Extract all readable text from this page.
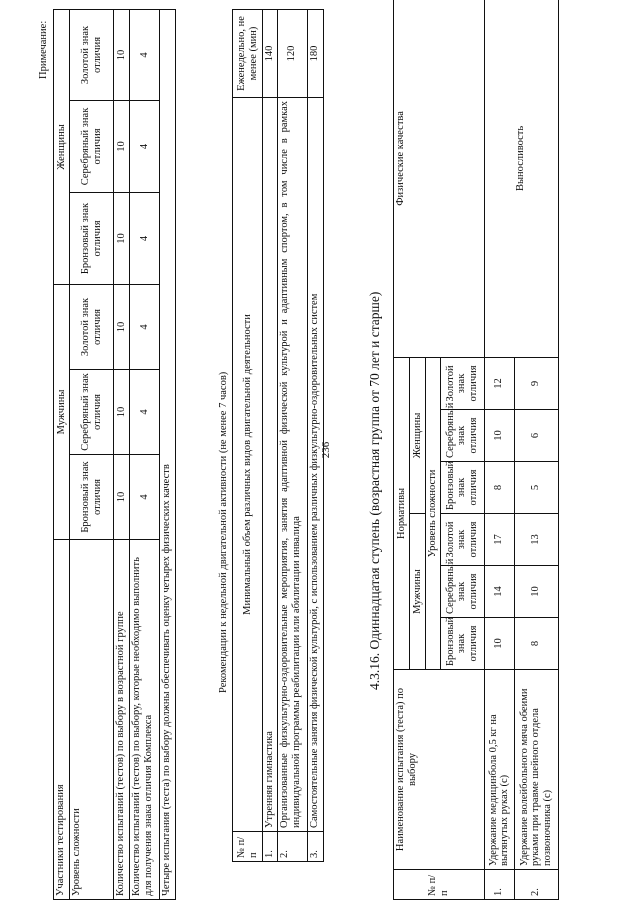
236
Примечание:
Участники тестирования	Мужчины			Женщины		
Уровень сложности	Бронзовый знак отличия	Серебряный знак отличия	Золотой знак отличия	Бронзовый знак отличия	Серебряный знак отличия	Золотой знак отличия
Количество испытаний (тестов) по выбору в возрастной группе	10	10	10	10	10	10
Количество испытаний (тестов) по выбору, которые необходимо выполнить для получения знака отличия Комплекса	4	4	4	4	4	4
Четыре испытания (теста) по выбору должны обеспечивать оценку четырех физических качеств							Рекомендации к недельной двигательной активности (не менее 7 часов)
№ п/п	Минимальный объем различных видов двигательной деятельности	Еженедельно, не менее (мин)
1.	Утренняя гимнастика	140
2.	Организованные физкультурно-оздоровительные мероприятия, занятия адаптивной физической культурой и адаптивным спортом, в том числе в рамках индивидуальной программы реабилитации или абилитации инвалида	120
3.	Самостоятельные занятия физической культурой, с использованием различных физкультурно-оздоровительных систем	180
4.3.16. Одиннадцатая ступень (возрастная группа от 70 лет и старше)
№ п/п	Наименование испытания (теста) по выбору	Нормативы						Физические качества
		Мужчины			Женщины			
		Уровень сложности						
		Бронзовый знак отличия	Серебряный знак отличия	Золотой знак отличия	Бронзовый знак отличия	Серебряный знак отличия	Золотой знак отличия	
1.	Удержание медицинбола 0,5 кг на вытянутых руках (с)	10	14	17	8	10	12	Выносливость
2.	Удержание волейбольного мяча обеими руками при травме шейного отдела позвоночника (с)	8	10	13	5	6	9	
